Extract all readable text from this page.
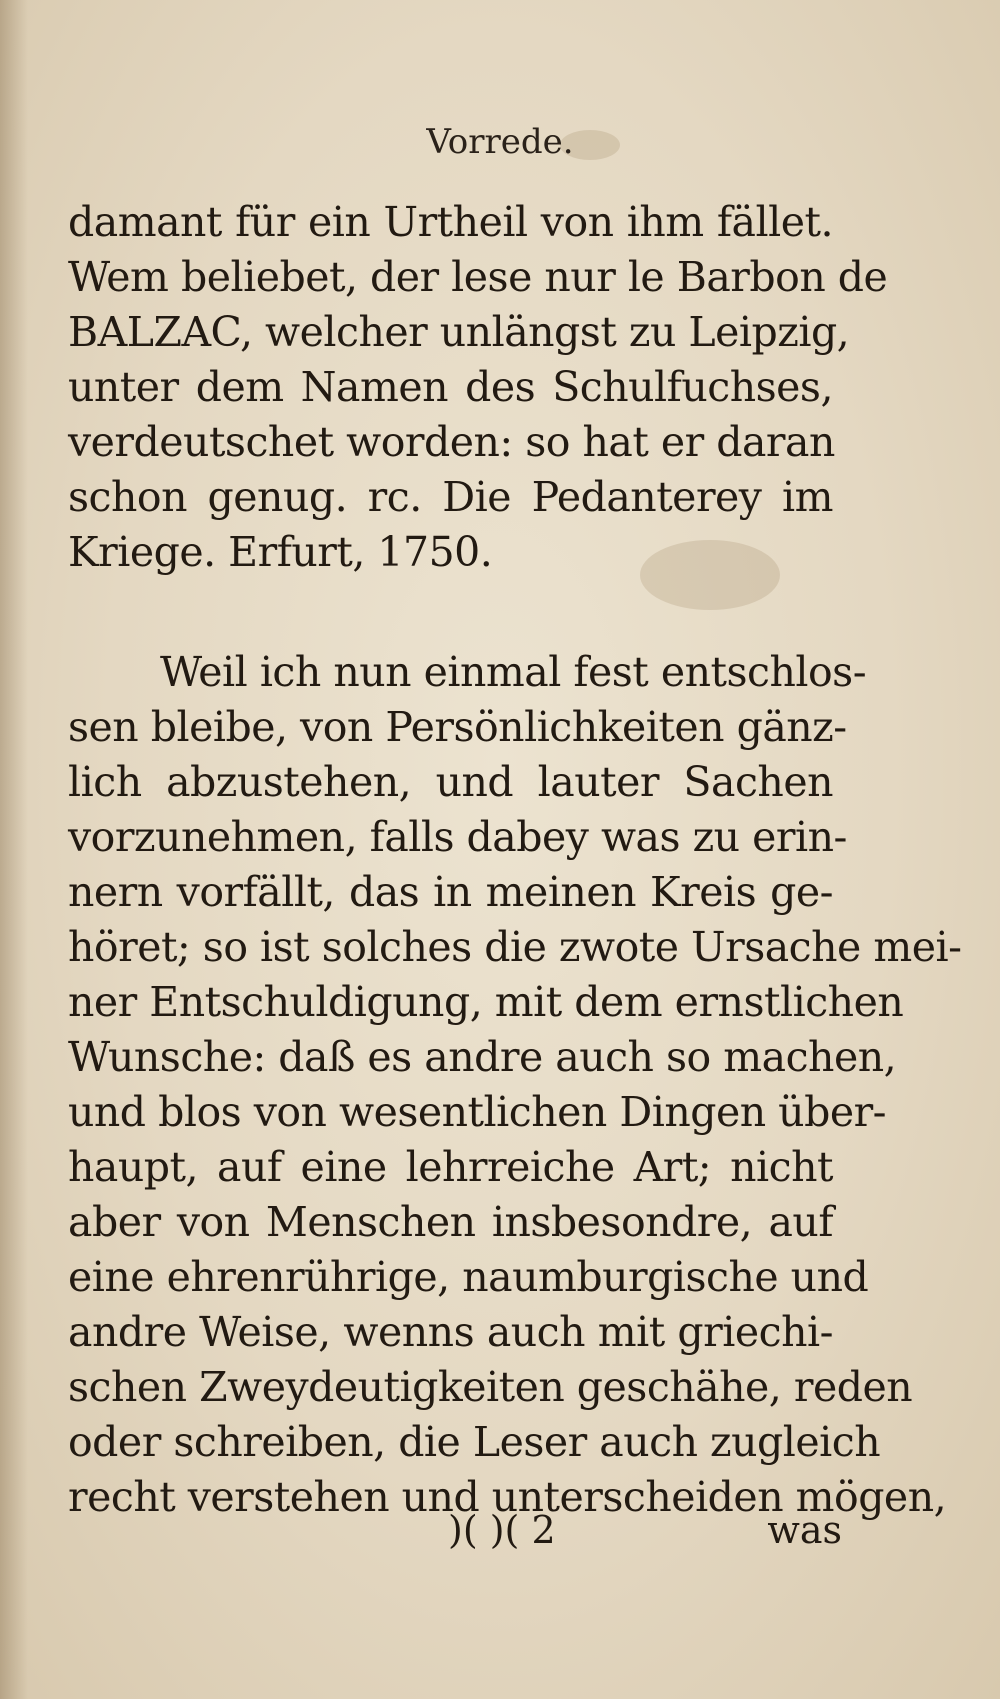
Vorrede.
damant für ein Urtheil von ihm fället.
Wem beliebet, der lese nur le Barbon de
BALZAC, welcher unlängst zu Leipzig,
unter dem Namen des Schulfuchses,
verdeutschet worden: so hat er daran
schon genug. rc. Die Pedanterey im
Kriege. Erfurt, 1750.
Weil ich nun einmal fest entschlos-
sen bleibe, von Persönlichkeiten gänz-
lich abzustehen, und lauter Sachen
vorzunehmen, falls dabey was zu erin-
nern vorfällt, das in meinen Kreis ge-
höret; so ist solches die zwote Ursache mei-
ner Entschuldigung, mit dem ernstlichen
Wunsche: daß es andre auch so machen,
und blos von wesentlichen Dingen über-
haupt, auf eine lehrreiche Art; nicht
aber von Menschen insbesondre, auf
eine ehrenrührige, naumburgische und
andre Weise, wenns auch mit griechi-
schen Zweydeutigkeiten geschähe, reden
oder schreiben, die Leser auch zugleich
recht verstehen und unterscheiden mögen,
)( )( 2	was
